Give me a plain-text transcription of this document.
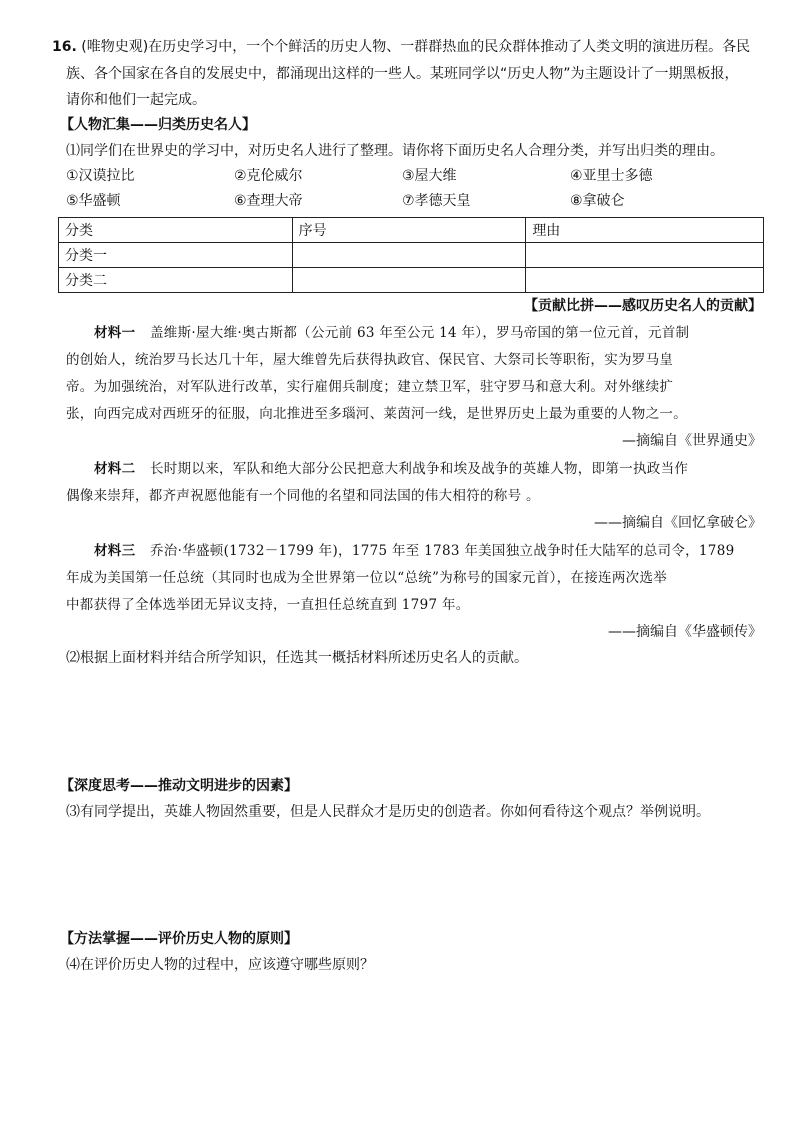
16. (唯物史观)在历史学习中，一个个鲜活的历史人物、一群群热血的民众群体推动了人类文明的演进历程。各民
族、各个国家在各自的发展史中，都涌现出这样的一些人。某班同学以“历史人物”为主题设计了一期黑板报，
请你和他们一起完成。
【人物汇集——归类历史名人】
⑴同学们在世界史的学习中，对历史名人进行了整理。请你将下面历史名人合理分类，并写出归类的理由。
①汉谟拉比	②克伦威尔	③屋大维	④亚里士多德
⑤华盛顿	⑥查理大帝	⑦孝德天皇	⑧拿破仑
分类	序号	理由
分类一		
分类二		
【贡献比拼——感叹历史名人的贡献】
材料一 盖维斯·屋大维·奥古斯都（公元前 63 年至公元 14 年），罗马帝国的第一位元首，元首制
的创始人，统治罗马长达几十年，屋大维曾先后获得执政官、保民官、大祭司长等职衔，实为罗马皇
帝。为加强统治，对军队进行改革，实行雇佣兵制度；建立禁卫军，驻守罗马和意大利。对外继续扩
张，向西完成对西班牙的征服，向北推进至多瑙河、莱茵河一线，是世界历史上最为重要的人物之一。
—摘编自《世界通史》
材料二 长时期以来，军队和绝大部分公民把意大利战争和埃及战争的英雄人物，即第一执政当作
偶像来崇拜，都齐声祝愿他能有一个同他的名望和同法国的伟大相符的称号 。
——摘编自《回忆拿破仑》
材料三 乔治·华盛顿(1732－1799 年)，1775 年至 1783 年美国独立战争时任大陆军的总司令，1789
年成为美国第一任总统（其同时也成为全世界第一位以“总统”为称号的国家元首），在接连两次选举
中都获得了全体选举团无异议支持，一直担任总统直到 1797 年。
——摘编自《华盛顿传》
⑵根据上面材料并结合所学知识，任选其一概括材料所述历史名人的贡献。
【深度思考——推动文明进步的因素】
⑶有同学提出，英雄人物固然重要，但是人民群众才是历史的创造者。你如何看待这个观点？举例说明。
【方法掌握——评价历史人物的原则】
⑷在评价历史人物的过程中，应该遵守哪些原则？
